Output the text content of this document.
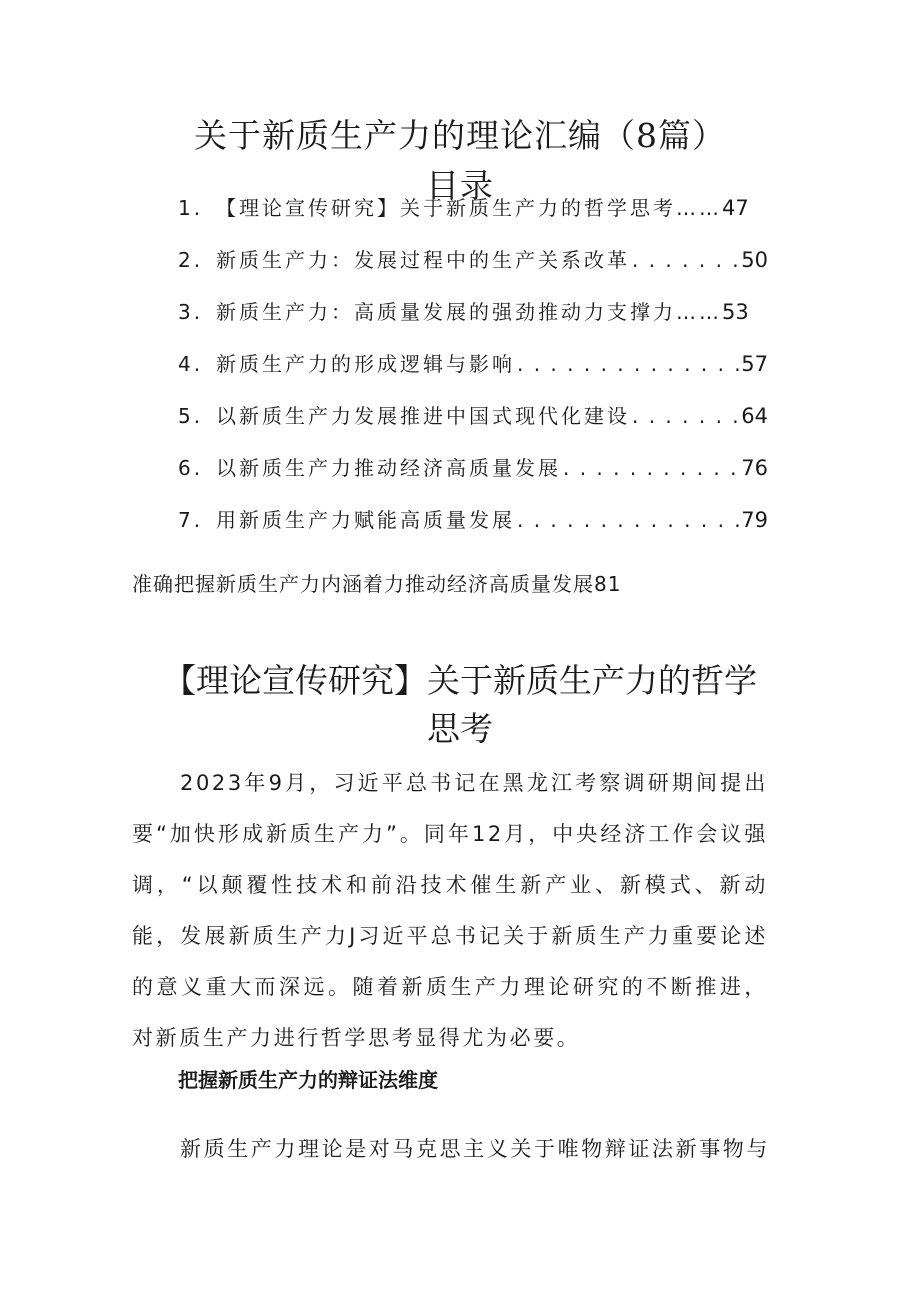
关于新质生产力的理论汇编（8篇）
目录
1. 【理论宣传研究】关于新质生产力的哲学思考…… 47
2. 新质生产力：发展过程中的生产关系改革 . . .	50
3. 新质生产力：高质量发展的强劲推动力支撑力…… 53
4. 新质生产力的形成逻辑与影响 . . .	57
5. 以新质生产力发展推进中国式现代化建设 . . .	64
6. 以新质生产力推动经济高质量发展 . . .	76
7. 用新质生产力赋能高质量发展 . . .	79
准确把握新质生产力内涵着力推动经济高质量发展81
【理论宣传研究】关于新质生产力的哲学
思考

2023年9月，习近平总书记在黑龙江考察调研期间提出要“加快形成新质生产力”。同年12月，中央经济工作会议强调，“以颠覆性技术和前沿技术催生新产业、新模式、新动能，发展新质生产力J习近平总书记关于新质生产力重要论述的意义重大而深远。随着新质生产力理论研究的不断推进，对新质生产力进行哲学思考显得尤为必要。

把握新质生产力的辩证法维度

新质生产力理论是对马克思主义关于唯物辩证法新事物与
